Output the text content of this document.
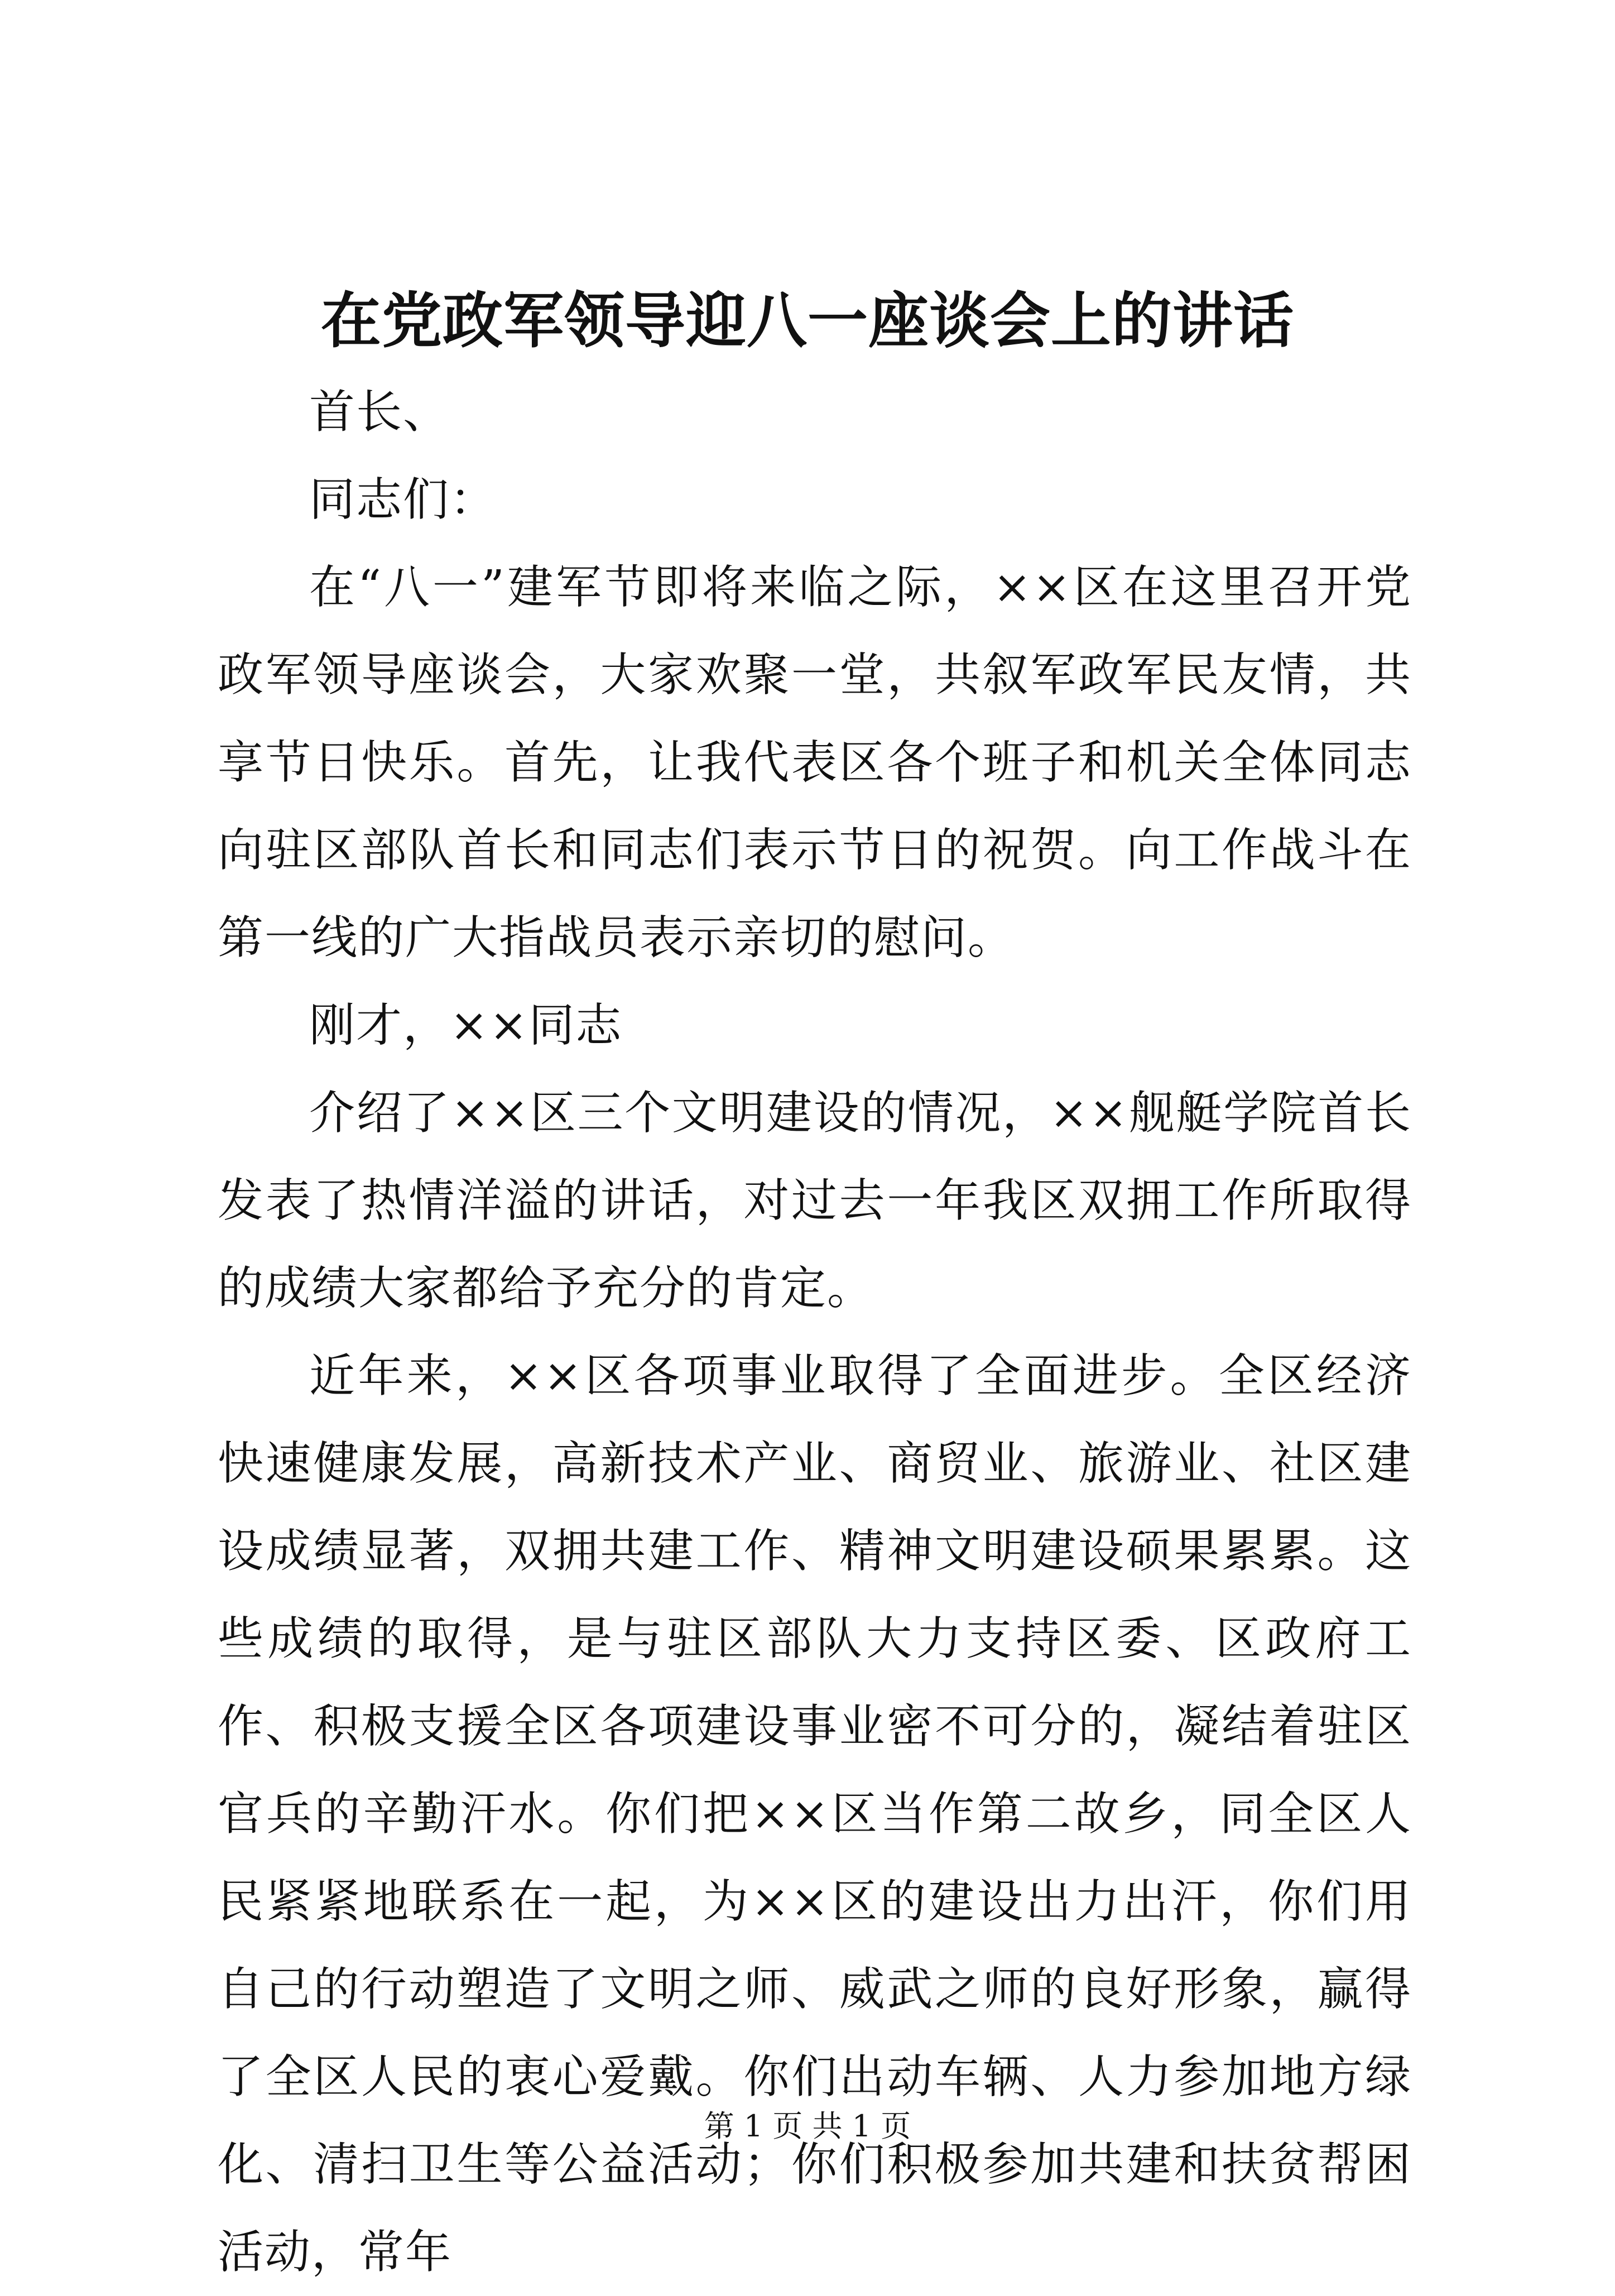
在党政军领导迎八一座谈会上的讲话

首长、

同志们：

在“八一”建军节即将来临之际，××区在这里召开党政军领导座谈会，大家欢聚一堂，共叙军政军民友情，共享节日快乐。首先，让我代表区各个班子和机关全体同志向驻区部队首长和同志们表示节日的祝贺。向工作战斗在第一线的广大指战员表示亲切的慰问。

刚才，××同志

介绍了××区三个文明建设的情况，××舰艇学院首长发表了热情洋溢的讲话，对过去一年我区双拥工作所取得的成绩大家都给予充分的肯定。

近年来，××区各项事业取得了全面进步。全区经济快速健康发展，高新技术产业、商贸业、旅游业、社区建设成绩显著，双拥共建工作、精神文明建设硕果累累。这些成绩的取得，是与驻区部队大力支持区委、区政府工作、积极支援全区各项建设事业密不可分的，凝结着驻区官兵的辛勤汗水。你们把××区当作第二故乡，同全区人民紧紧地联系在一起，为××区的建设出力出汗，你们用自己的行动塑造了文明之师、威武之师的良好形象，赢得了全区人民的衷心爱戴。你们出动车辆、人力参加地方绿化、清扫卫生等公益活动；你们积极参加共建和扶贫帮困活动，常年

第 1 页 共 1 页
